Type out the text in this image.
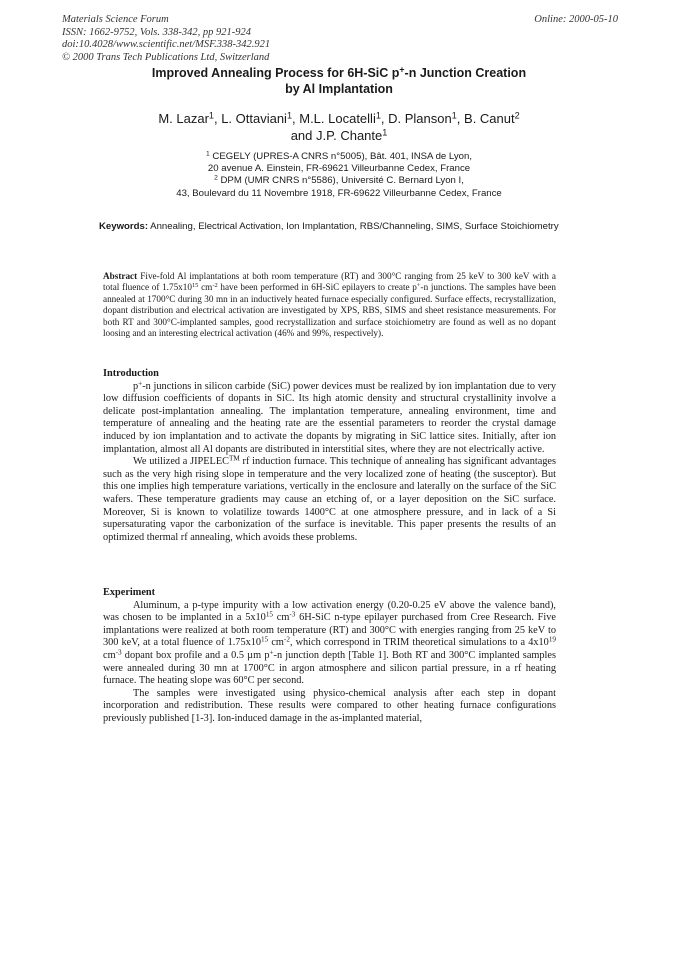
Materials Science Forum
ISSN: 1662-9752, Vols. 338-342, pp 921-924
doi:10.4028/www.scientific.net/MSF.338-342.921
© 2000 Trans Tech Publications Ltd, Switzerland
Online: 2000-05-10
Improved Annealing Process for 6H-SiC p+-n Junction Creation
by Al Implantation
M. Lazar$^1$, L. Ottaviani$^1$, M.L. Locatelli$^1$, D. Planson$^1$, B. Canut$^2$
and J.P. Chante$^1$
$^1$ CEGELY (UPRES-A CNRS n°5005), Bât. 401, INSA de Lyon,
20 avenue A. Einstein, FR-69621 Villeurbanne Cedex, France
$^2$ DPM (UMR CNRS n°5586), Université C. Bernard Lyon I,
43, Boulevard du 11 Novembre 1918, FR-69622 Villeurbanne Cedex, France
Keywords: Annealing, Electrical Activation, Ion Implantation, RBS/Channeling, SIMS, Surface Stoichiometry
Abstract Five-fold Al implantations at both room temperature (RT) and 300°C ranging from 25 keV to 300 keV with a total fluence of $1.75x10^{15}$ $cm^{-2}$ have been performed in 6H-SiC epilayers to create p+-n junctions. The samples have been annealed at 1700°C during 30 mn in an inductively heated furnace especially configured. Surface effects, recrystallization, dopant distribution and electrical activation are investigated by XPS, RBS, SIMS and sheet resistance measurements. For both RT and 300°C-implanted samples, good recrystallization and surface stoichiometry are found as well as no dopant loosing and an interesting electrical activation (46% and 99%, respectively).
Introduction

p+-n junctions in silicon carbide (SiC) power devices must be realized by ion implantation due to very low diffusion coefficients of dopants in SiC. Its high atomic density and structural crystallinity involve a delicate post-implantation annealing. The implantation temperature, annealing environment, time and temperature of annealing and the heating rate are the essential parameters to reorder the crystal damage induced by ion implantation and to activate the dopants by migrating in SiC lattice sites. Initially, after ion implantation, almost all Al dopants are distributed in interstitial sites, where they are not electrically active.

We utilized a JIPELEC™ rf induction furnace. This technique of annealing has significant advantages such as the very high rising slope in temperature and the very localized zone of heating (the susceptor). But this one implies high temperature variations, vertically in the enclosure and laterally on the surface of the SiC wafers. These temperature gradients may cause an etching of, or a layer deposition on the SiC surface. Moreover, Si is known to volatilize towards 1400°C at one atmosphere pressure, and in lack of a Si supersaturating vapor the carbonization of the surface is inevitable. This paper presents the results of an optimized thermal rf annealing, which avoids these problems.

Experiment

Aluminum, a p-type impurity with a low activation energy (0.20-0.25 eV above the valence band), was chosen to be implanted in a $5x10^{15}$ $cm^{-3}$ 6H-SiC n-type epilayer purchased from Cree Research. Five implantations were realized at both room temperature (RT) and 300°C with energies ranging from 25 keV to 300 keV, at a total fluence of $1.75x10^{15}$ $cm^{-2}$, which correspond in TRIM theoretical simulations to a $4x10^{19}$ $cm^{-3}$ dopant box profile and a 0.5 µm p+-n junction depth [Table 1]. Both RT and 300°C implanted samples were annealed during 30 mn at 1700°C in argon atmosphere and silicon partial pressure, in a rf heating furnace. The heating slope was 60°C per second.

The samples were investigated using physico-chemical analysis after each step in dopant incorporation and redistribution. These results were compared to other heating furnace configurations previously published [1-3]. Ion-induced damage in the as-implanted material,
